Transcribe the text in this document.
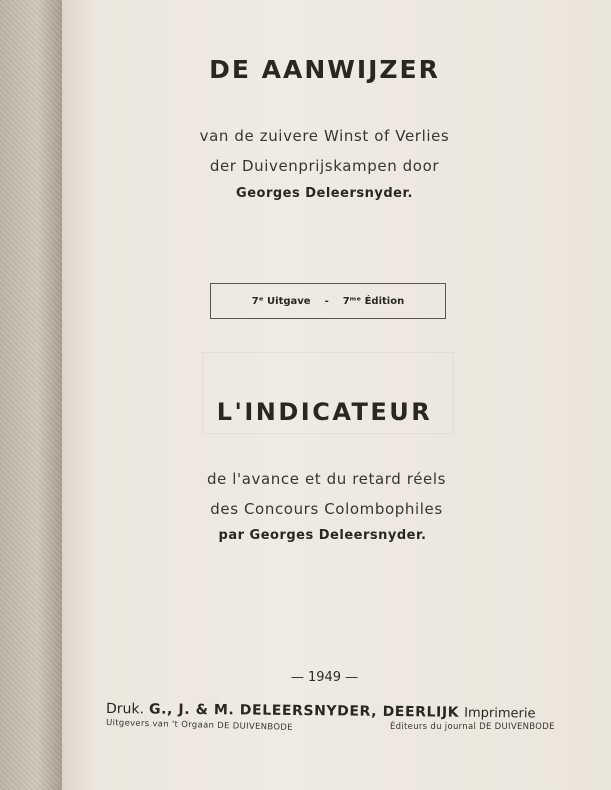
DE AANWIJZER
van de zuivere Winst of Verlies
der Duivenprijskampen door
Georges Deleersnyder.
7ᵉ Uitgave - 7ᵐᵉ Édition
L'INDICATEUR
de l'avance et du retard réels
des Concours Colombophiles
par Georges Deleersnyder.
— 1949 —
Druk. G., J. & M. DELEERSNYDER, DEERLIJK Imprimerie
Uitgevers van 't Orgaan DE DUIVENBODE	Éditeurs du journal DE DUIVENBODE
